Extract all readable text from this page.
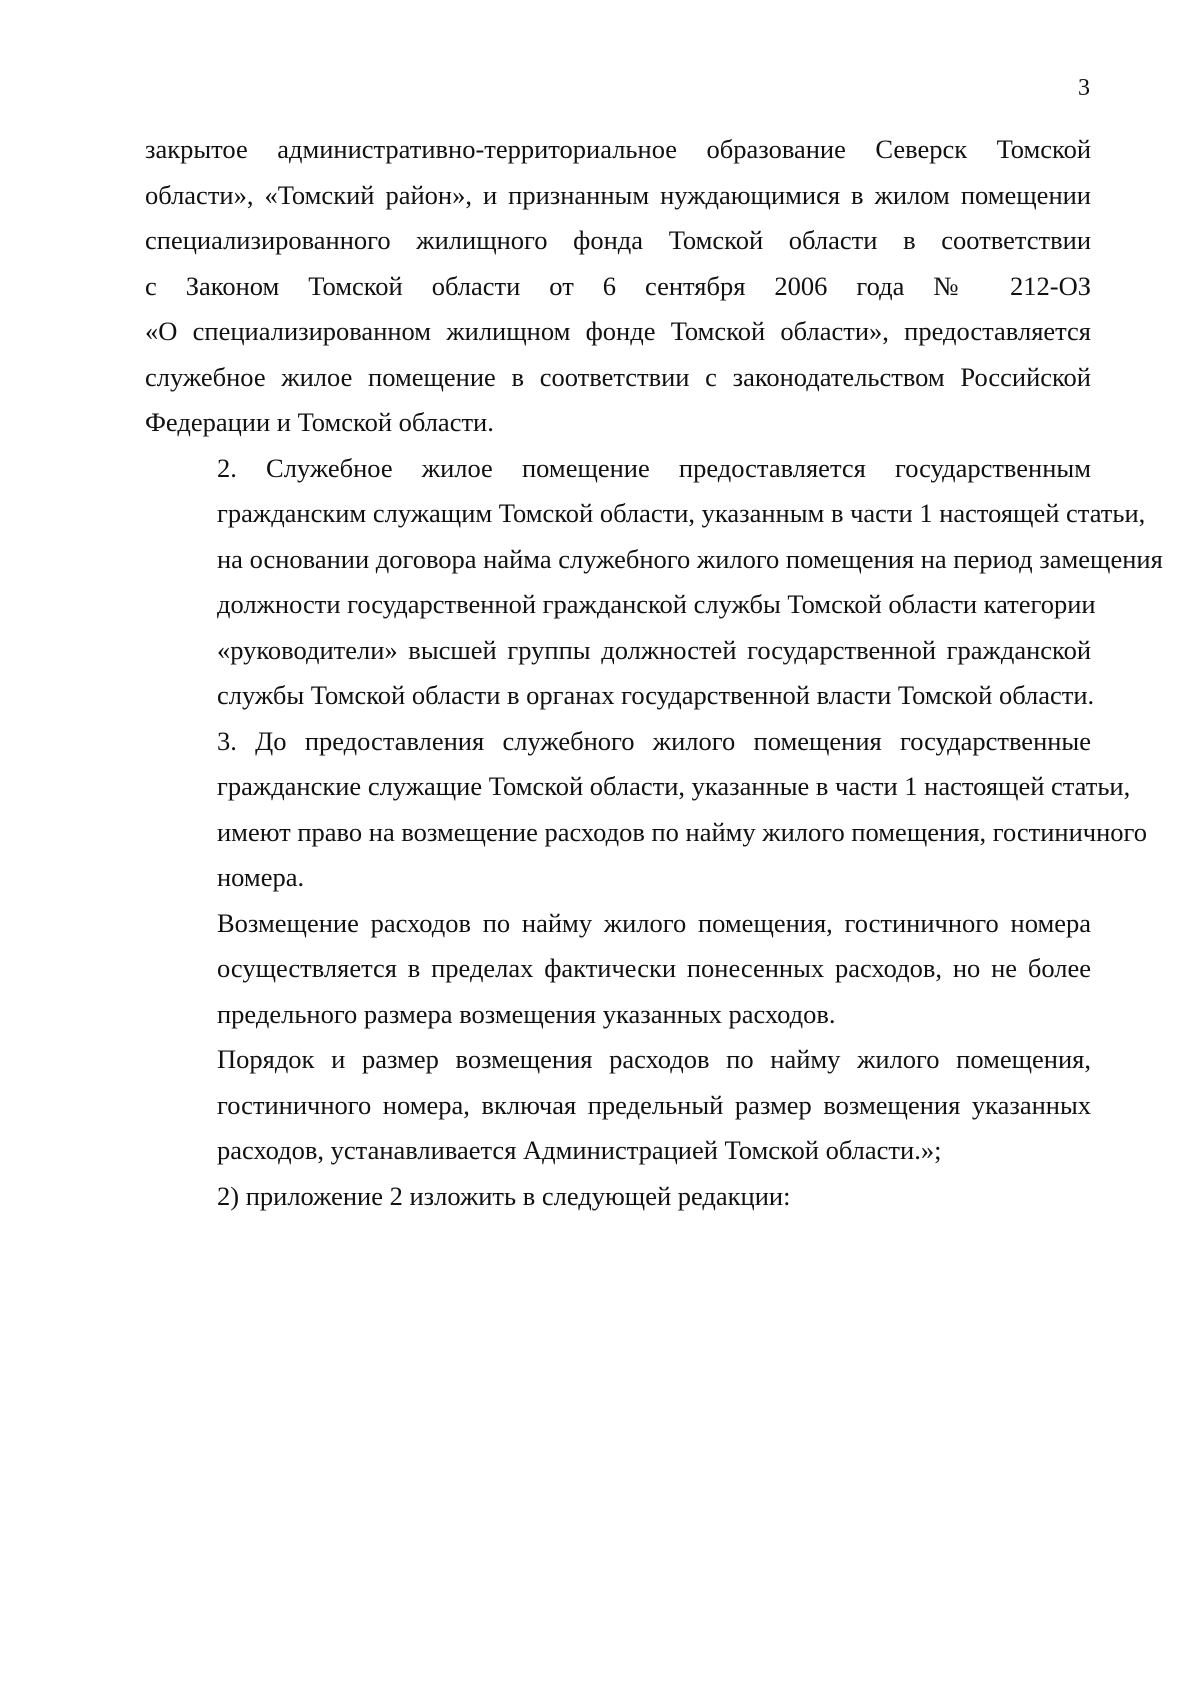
3

закрытое административно-территориальное образование Северск Томской
области», «Томский район», и признанным нуждающимися в жилом помещении
специализированного жилищного фонда Томской области в соответствии
с Законом Томской области от 6 сентября 2006 года № 212-ОЗ
«О специализированном жилищном фонде Томской области», предоставляется
служебное жилое помещение в соответствии с законодательством Российской
Федерации и Томской области.

2. Служебное жилое помещение предоставляется государственным
гражданским служащим Томской области, указанным в части 1 настоящей статьи,
на основании договора найма служебного жилого помещения на период замещения
должности государственной гражданской службы Томской области категории
«руководители» высшей группы должностей государственной гражданской
службы Томской области в органах государственной власти Томской области.

3. До предоставления служебного жилого помещения государственные
гражданские служащие Томской области, указанные в части 1 настоящей статьи,
имеют право на возмещение расходов по найму жилого помещения, гостиничного
номера.

Возмещение расходов по найму жилого помещения, гостиничного номера
осуществляется в пределах фактически понесенных расходов, но не более
предельного размера возмещения указанных расходов.

Порядок и размер возмещения расходов по найму жилого помещения,
гостиничного номера, включая предельный размер возмещения указанных
расходов, устанавливается Администрацией Томской области.»;

2) приложение 2 изложить в следующей редакции:
